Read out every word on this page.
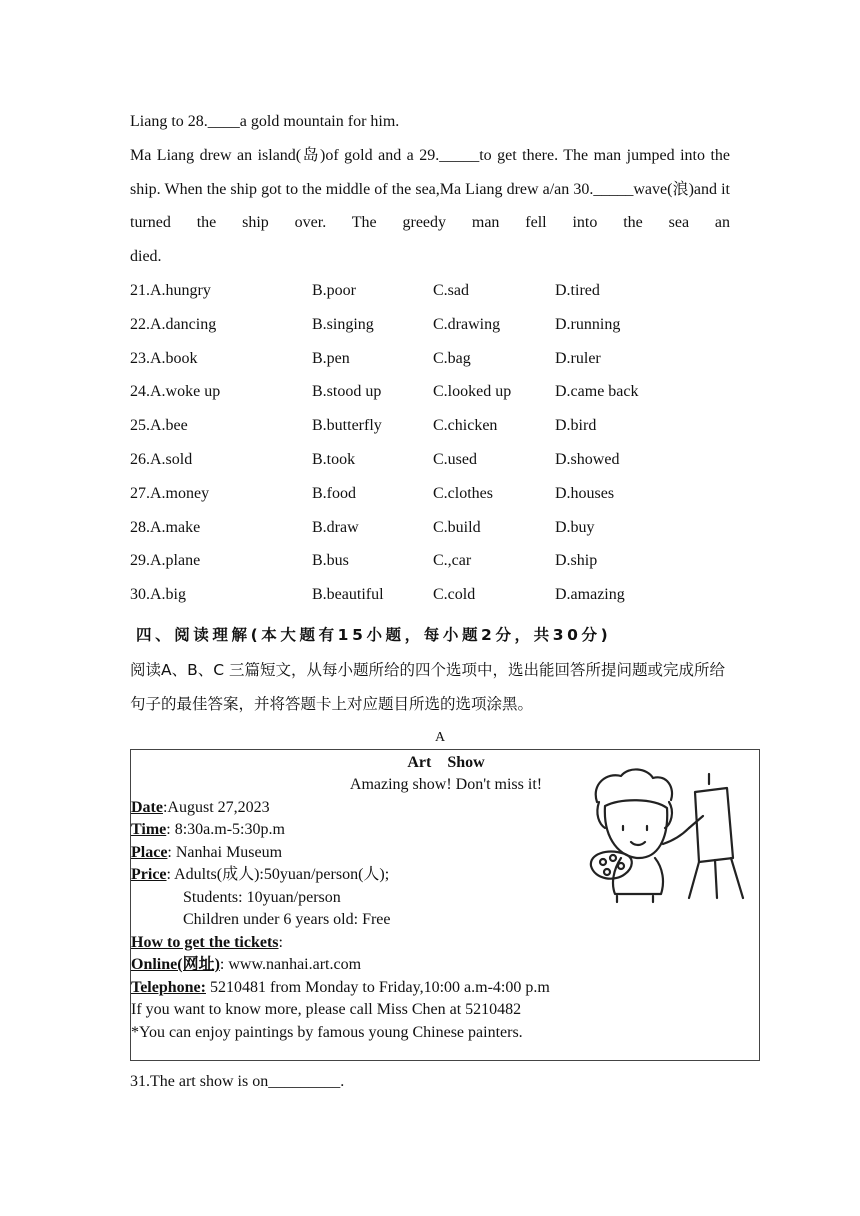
Liang to 28.____a gold mountain for him.

Ma Liang drew an island(岛)of gold and a 29._____to get there. The man jumped into the ship. When the ship got to the middle of the sea,Ma Liang drew a/an 30._____wave(浪)and it turned the ship over. The greedy man fell into the sea an

died.

21.A.hungry	B.poor	C.sad	D.tired
22.A.dancing	B.singing	C.drawing	D.running
23.A.book	B.pen	C.bag	D.ruler
24.A.woke up	B.stood up	C.looked up	D.came back
25.A.bee	B.butterfly	C.chicken	D.bird
26.A.sold	B.took	C.used	D.showed
27.A.money	B.food	C.clothes	D.houses
28.A.make	B.draw	C.build	D.buy
29.A.plane	B.bus	C.,car	D.ship
30.A.big	B.beautiful	C.cold	D.amazing
四、阅读理解(本大题有15小题，每小题2分，共30分)

阅读A、B、C 三篇短文，从每小题所给的四个选项中，选出能回答所提问题或完成所给句子的最佳答案，并将答题卡上对应题目所选的选项涂黑。

A
Art    Show
Amazing show! Don't miss it!
Date:August 27,2023
Time: 8:30a.m-5:30p.m
Place: Nanhai Museum
Price: Adults(成人):50yuan/person(人);
Students: 10yuan/person
Children under 6 years old: Free
How to get the tickets:
Online(网址): www.nanhai.art.com
Telephone: 5210481 from Monday to Friday,10:00 a.m-4:00 p.m
If you want to know more, please call Miss Chen at 5210482
*You can enjoy paintings by famous young Chinese painters.
31.The art show is on_________.
